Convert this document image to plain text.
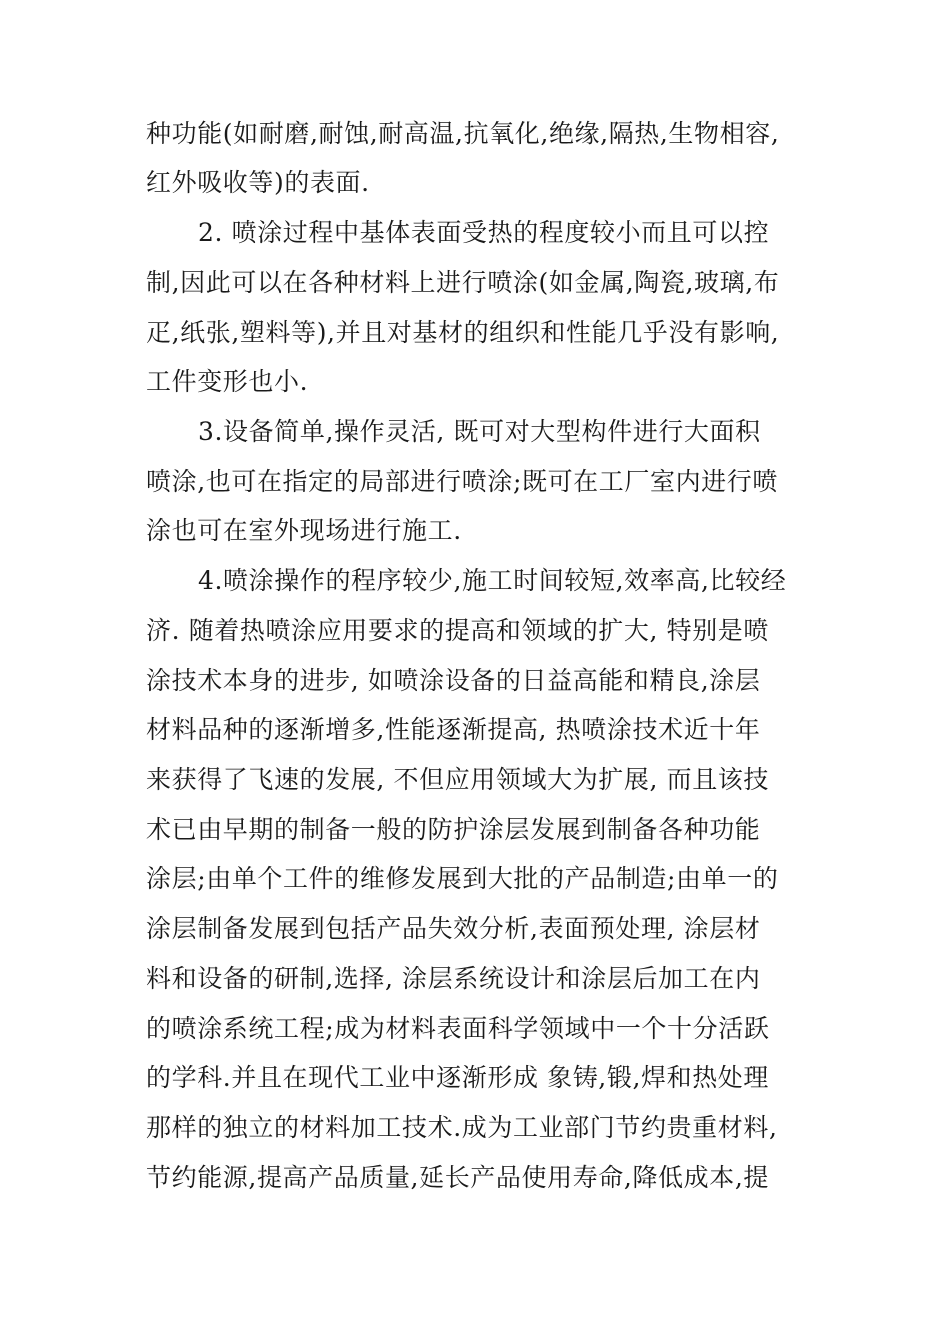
种功能(如耐磨,耐蚀,耐高温,抗氧化,绝缘,隔热,生物相容,
红外吸收等)的表面.
2. 喷涂过程中基体表面受热的程度较小而且可以控
制,因此可以在各种材料上进行喷涂(如金属,陶瓷,玻璃,布
疋,纸张,塑料等),并且对基材的组织和性能几乎没有影响,
工件变形也小.
3.设备简单,操作灵活, 既可对大型构件进行大面积
喷涂,也可在指定的局部进行喷涂;既可在工厂室内进行喷
涂也可在室外现场进行施工.
4.喷涂操作的程序较少,施工时间较短,效率高,比较经
济. 随着热喷涂应用要求的提高和领域的扩大, 特别是喷
涂技术本身的进步, 如喷涂设备的日益高能和精良,涂层
材料品种的逐渐增多,性能逐渐提高, 热喷涂技术近十年
来获得了飞速的发展, 不但应用领域大为扩展, 而且该技
术已由早期的制备一般的防护涂层发展到制备各种功能
涂层;由单个工件的维修发展到大批的产品制造;由单一的
涂层制备发展到包括产品失效分析,表面预处理, 涂层材
料和设备的研制,选择, 涂层系统设计和涂层后加工在内
的喷涂系统工程;成为材料表面科学领域中一个十分活跃
的学科.并且在现代工业中逐渐形成 象铸,锻,焊和热处理
那样的独立的材料加工技术.成为工业部门节约贵重材料,
节约能源,提高产品质量,延长产品使用寿命,降低成本,提
